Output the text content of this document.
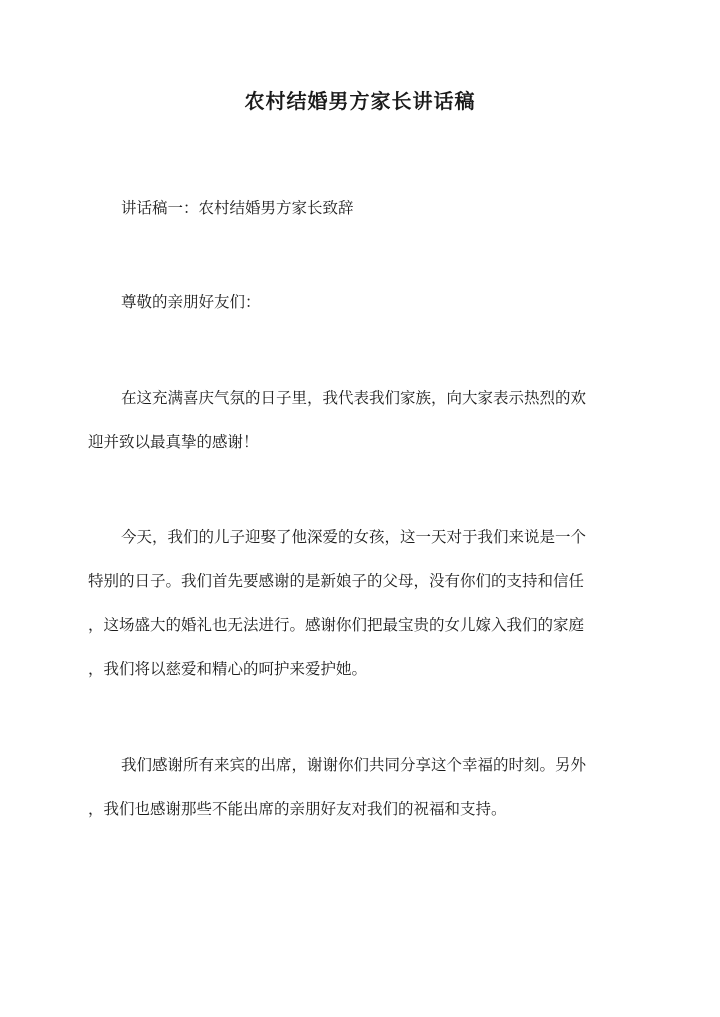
农村结婚男方家长讲话稿
讲话稿一：农村结婚男方家长致辞
尊敬的亲朋好友们：
在这充满喜庆气氛的日子里，我代表我们家族，向大家表示热烈的欢
迎并致以最真挚的感谢！
今天，我们的儿子迎娶了他深爱的女孩，这一天对于我们来说是一个
特别的日子。我们首先要感谢的是新娘子的父母，没有你们的支持和信任
，这场盛大的婚礼也无法进行。感谢你们把最宝贵的女儿嫁入我们的家庭
，我们将以慈爱和精心的呵护来爱护她。
我们感谢所有来宾的出席，谢谢你们共同分享这个幸福的时刻。另外
，我们也感谢那些不能出席的亲朋好友对我们的祝福和支持。
